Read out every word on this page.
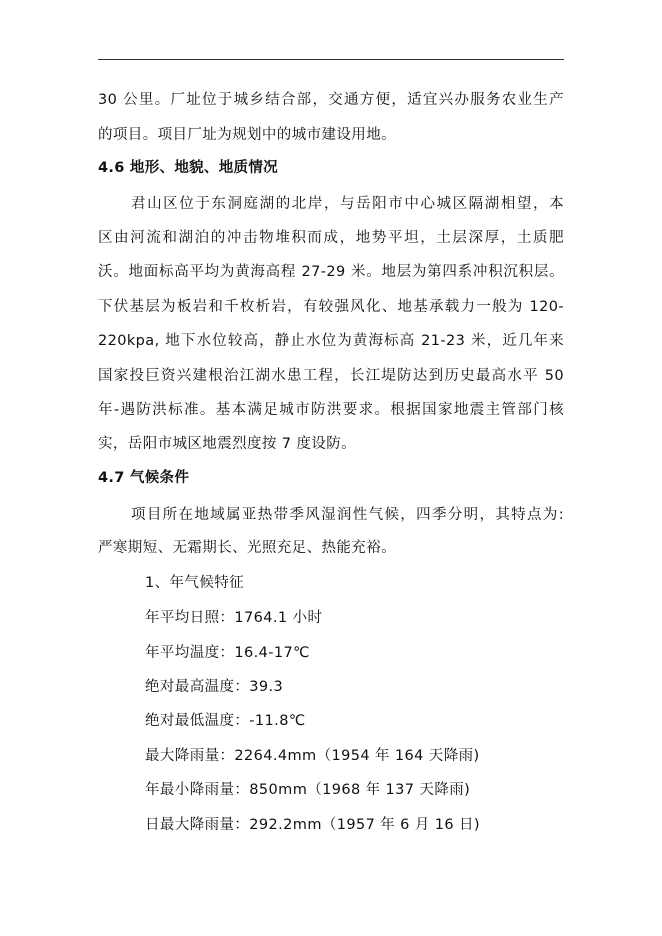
30 公里。厂址位于城乡结合部，交通方便，适宜兴办服务农业生产
的项目。项目厂址为规划中的城市建设用地。
4.6 地形、地貌、地质情况
君山区位于东洞庭湖的北岸，与岳阳市中心城区隔湖相望，本
区由河流和湖泊的冲击物堆积而成，地势平坦，土层深厚，土质肥
沃。地面标高平均为黄海高程 27-29 米。地层为第四系冲积沉积层。
下伏基层为板岩和千枚析岩，有较强风化、地基承载力一般为 120-
220kpa, 地下水位较高，静止水位为黄海标高 21-23 米，近几年来
国家投巨资兴建根治江湖水患工程，长江堤防达到历史最高水平 50
年-遇防洪标准。基本满足城市防洪要求。根据国家地震主管部门核
实，岳阳市城区地震烈度按 7 度设防。
4.7 气候条件
项目所在地域属亚热带季风湿润性气候，四季分明，其特点为:
严寒期短、无霜期长、光照充足、热能充裕。
1、年气候特征
年平均日照：1764.1 小时
年平均温度：16.4-17℃
绝对最高温度：39.3
绝对最低温度：-11.8℃
最大降雨量：2264.4mm（1954 年 164 天降雨)
年最小降雨量：850mm（1968 年 137 天降雨)
日最大降雨量：292.2mm（1957 年 6 月 16 日)
